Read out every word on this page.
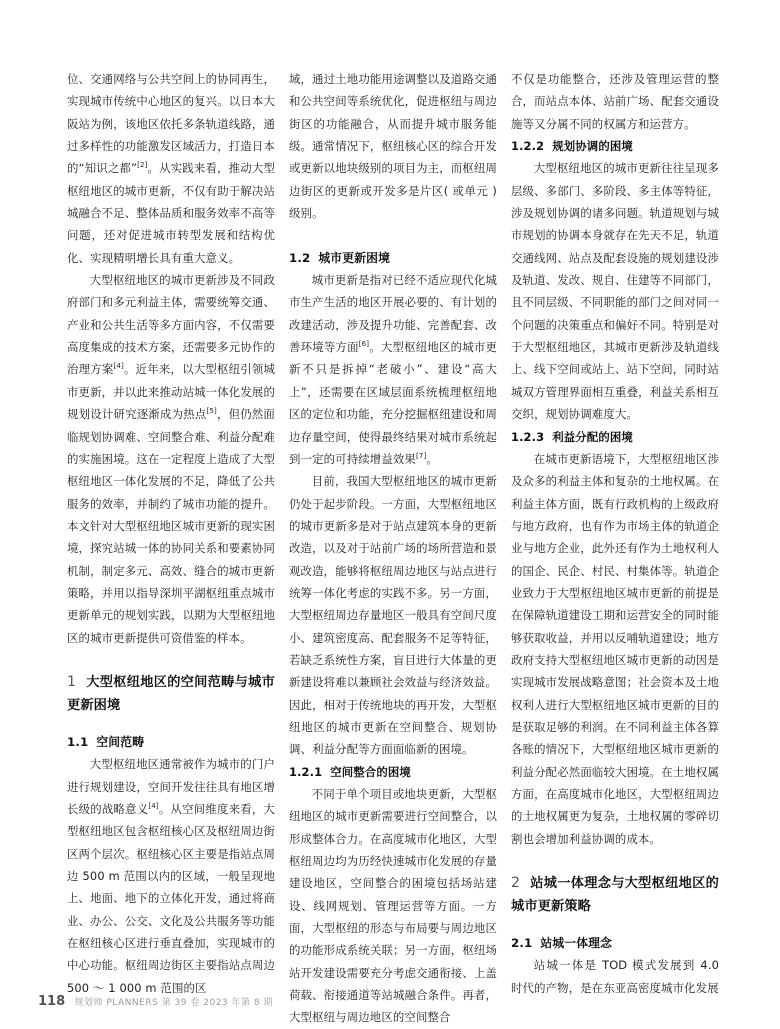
位、交通网络与公共空间上的协同再生，实现城市传统中心地区的复兴。以日本大阪站为例，该地区依托多条轨道线路，通过多样性的功能激发区域活力，打造日本的“知识之都”[2]。从实践来看，推动大型枢纽地区的城市更新，不仅有助于解决站城融合不足、整体品质和服务效率不高等问题，还对促进城市转型发展和结构优化、实现精明增长具有重大意义。

大型枢纽地区的城市更新涉及不同政府部门和多元利益主体，需要统筹交通、产业和公共生活等多方面内容，不仅需要高度集成的技术方案，还需要多元协作的治理方案[4]。近年来，以大型枢纽引领城市更新，并以此来推动站城一体化发展的规划设计研究逐渐成为热点[5]，但仍然面临规划协调难、空间整合难、利益分配难的实施困境。这在一定程度上造成了大型枢纽地区一体化发展的不足，降低了公共服务的效率，并制约了城市功能的提升。本文针对大型枢纽地区城市更新的现实困境，探究站城一体的协同关系和要素协同机制，制定多元、高效、缝合的城市更新策略，并用以指导深圳平湖枢纽重点城市更新单元的规划实践，以期为大型枢纽地区的城市更新提供可资借鉴的样本。

1 大型枢纽地区的空间范畴与城市更新困境
1.1 空间范畴

大型枢纽地区通常被作为城市的门户进行规划建设，空间开发往往具有地区增长级的战略意义[4]。从空间维度来看，大型枢纽地区包含枢纽核心区及枢纽周边街区两个层次。枢纽核心区主要是指站点周边 500 m 范围以内的区域，一般呈现地上、地面、地下的立体化开发，通过将商业、办公、公交、文化及公共服务等功能在枢纽核心区进行垂直叠加，实现城市的中心功能。枢纽周边街区主要指站点周边 500 ～ 1 000 m 范围的区

域，通过土地功能用途调整以及道路交通和公共空间等系统优化，促进枢纽与周边街区的功能融合，从而提升城市服务能级。通常情况下，枢纽核心区的综合开发或更新以地块级别的项目为主，而枢纽周边街区的更新或开发多是片区( 或单元 ) 级别。

1.2 城市更新困境

城市更新是指对已经不适应现代化城市生产生活的地区开展必要的、有计划的改建活动，涉及提升功能、完善配套、改善环境等方面[6]。大型枢纽地区的城市更新不只是拆掉“老破小”、建设“高大上”，还需要在区域层面系统梳理枢纽地区的定位和功能，充分挖掘枢纽建设和周边存量空间，使得最终结果对城市系统起到一定的可持续增益效果[7]。

目前，我国大型枢纽地区的城市更新仍处于起步阶段。一方面，大型枢纽地区的城市更新多是对于站点建筑本身的更新改造，以及对于站前广场的场所营造和景观改造，能够将枢纽周边地区与站点进行统筹一体化考虑的实践不多。另一方面，大型枢纽周边存量地区一般具有空间尺度小、建筑密度高、配套服务不足等特征，若缺乏系统性方案，盲目进行大体量的更新建设将难以兼顾社会效益与经济效益。因此，相对于传统地块的再开发，大型枢纽地区的城市更新在空间整合、规划协调、利益分配等方面面临新的困境。

1.2.1 空间整合的困境

不同于单个项目或地块更新，大型枢纽地区的城市更新需要进行空间整合，以形成整体合力。在高度城市化地区，大型枢纽周边均为历经快速城市化发展的存量建设地区，空间整合的困境包括场站建设、线网规划、管理运营等方面。一方面，大型枢纽的形态与布局要与周边地区的功能形成系统关联；另一方面，枢纽场站开发建设需要充分考虑交通衔接、上盖荷载、衔接通道等站城融合条件。再者，大型枢纽与周边地区的空间整合

不仅是功能整合，还涉及管理运营的整合，而站点本体、站前广场、配套交通设施等又分属不同的权属方和运营方。

1.2.2 规划协调的困境

大型枢纽地区的城市更新往往呈现多层级、多部门、多阶段、多主体等特征，涉及规划协调的诸多问题。轨道规划与城市规划的协调本身就存在先天不足，轨道交通线网、站点及配套设施的规划建设涉及轨道、发改、规自、住建等不同部门，且不同层级、不同职能的部门之间对同一个问题的决策重点和偏好不同。特别是对于大型枢纽地区，其城市更新涉及轨道线上、线下空间或站上、站下空间，同时站城双方管理界面相互重叠，利益关系相互交织，规划协调难度大。

1.2.3 利益分配的困境

在城市更新语境下，大型枢纽地区涉及众多的利益主体和复杂的土地权属。在利益主体方面，既有行政机构的上级政府与地方政府，也有作为市场主体的轨道企业与地方企业，此外还有作为土地权利人的国企、民企、村民、村集体等。轨道企业致力于大型枢纽地区城市更新的前提是在保障轨道建设工期和运营安全的同时能够获取收益，并用以反哺轨道建设；地方政府支持大型枢纽地区城市更新的动因是实现城市发展战略意图；社会资本及土地权利人进行大型枢纽地区城市更新的目的是获取足够的利润。在不同利益主体各算各账的情况下，大型枢纽地区城市更新的利益分配必然面临较大困境。在土地权属方面，在高度城市化地区，大型枢纽周边的土地权属更为复杂，土地权属的零碎切割也会增加利益协调的成本。

2 站城一体理念与大型枢纽地区的城市更新策略
2.1 站城一体理念

站城一体是 TOD 模式发展到 4.0 时代的产物，是在东亚高密度城市化发展

118 规划师 PLANNERS 第 39 卷 2023 年第 8 期
